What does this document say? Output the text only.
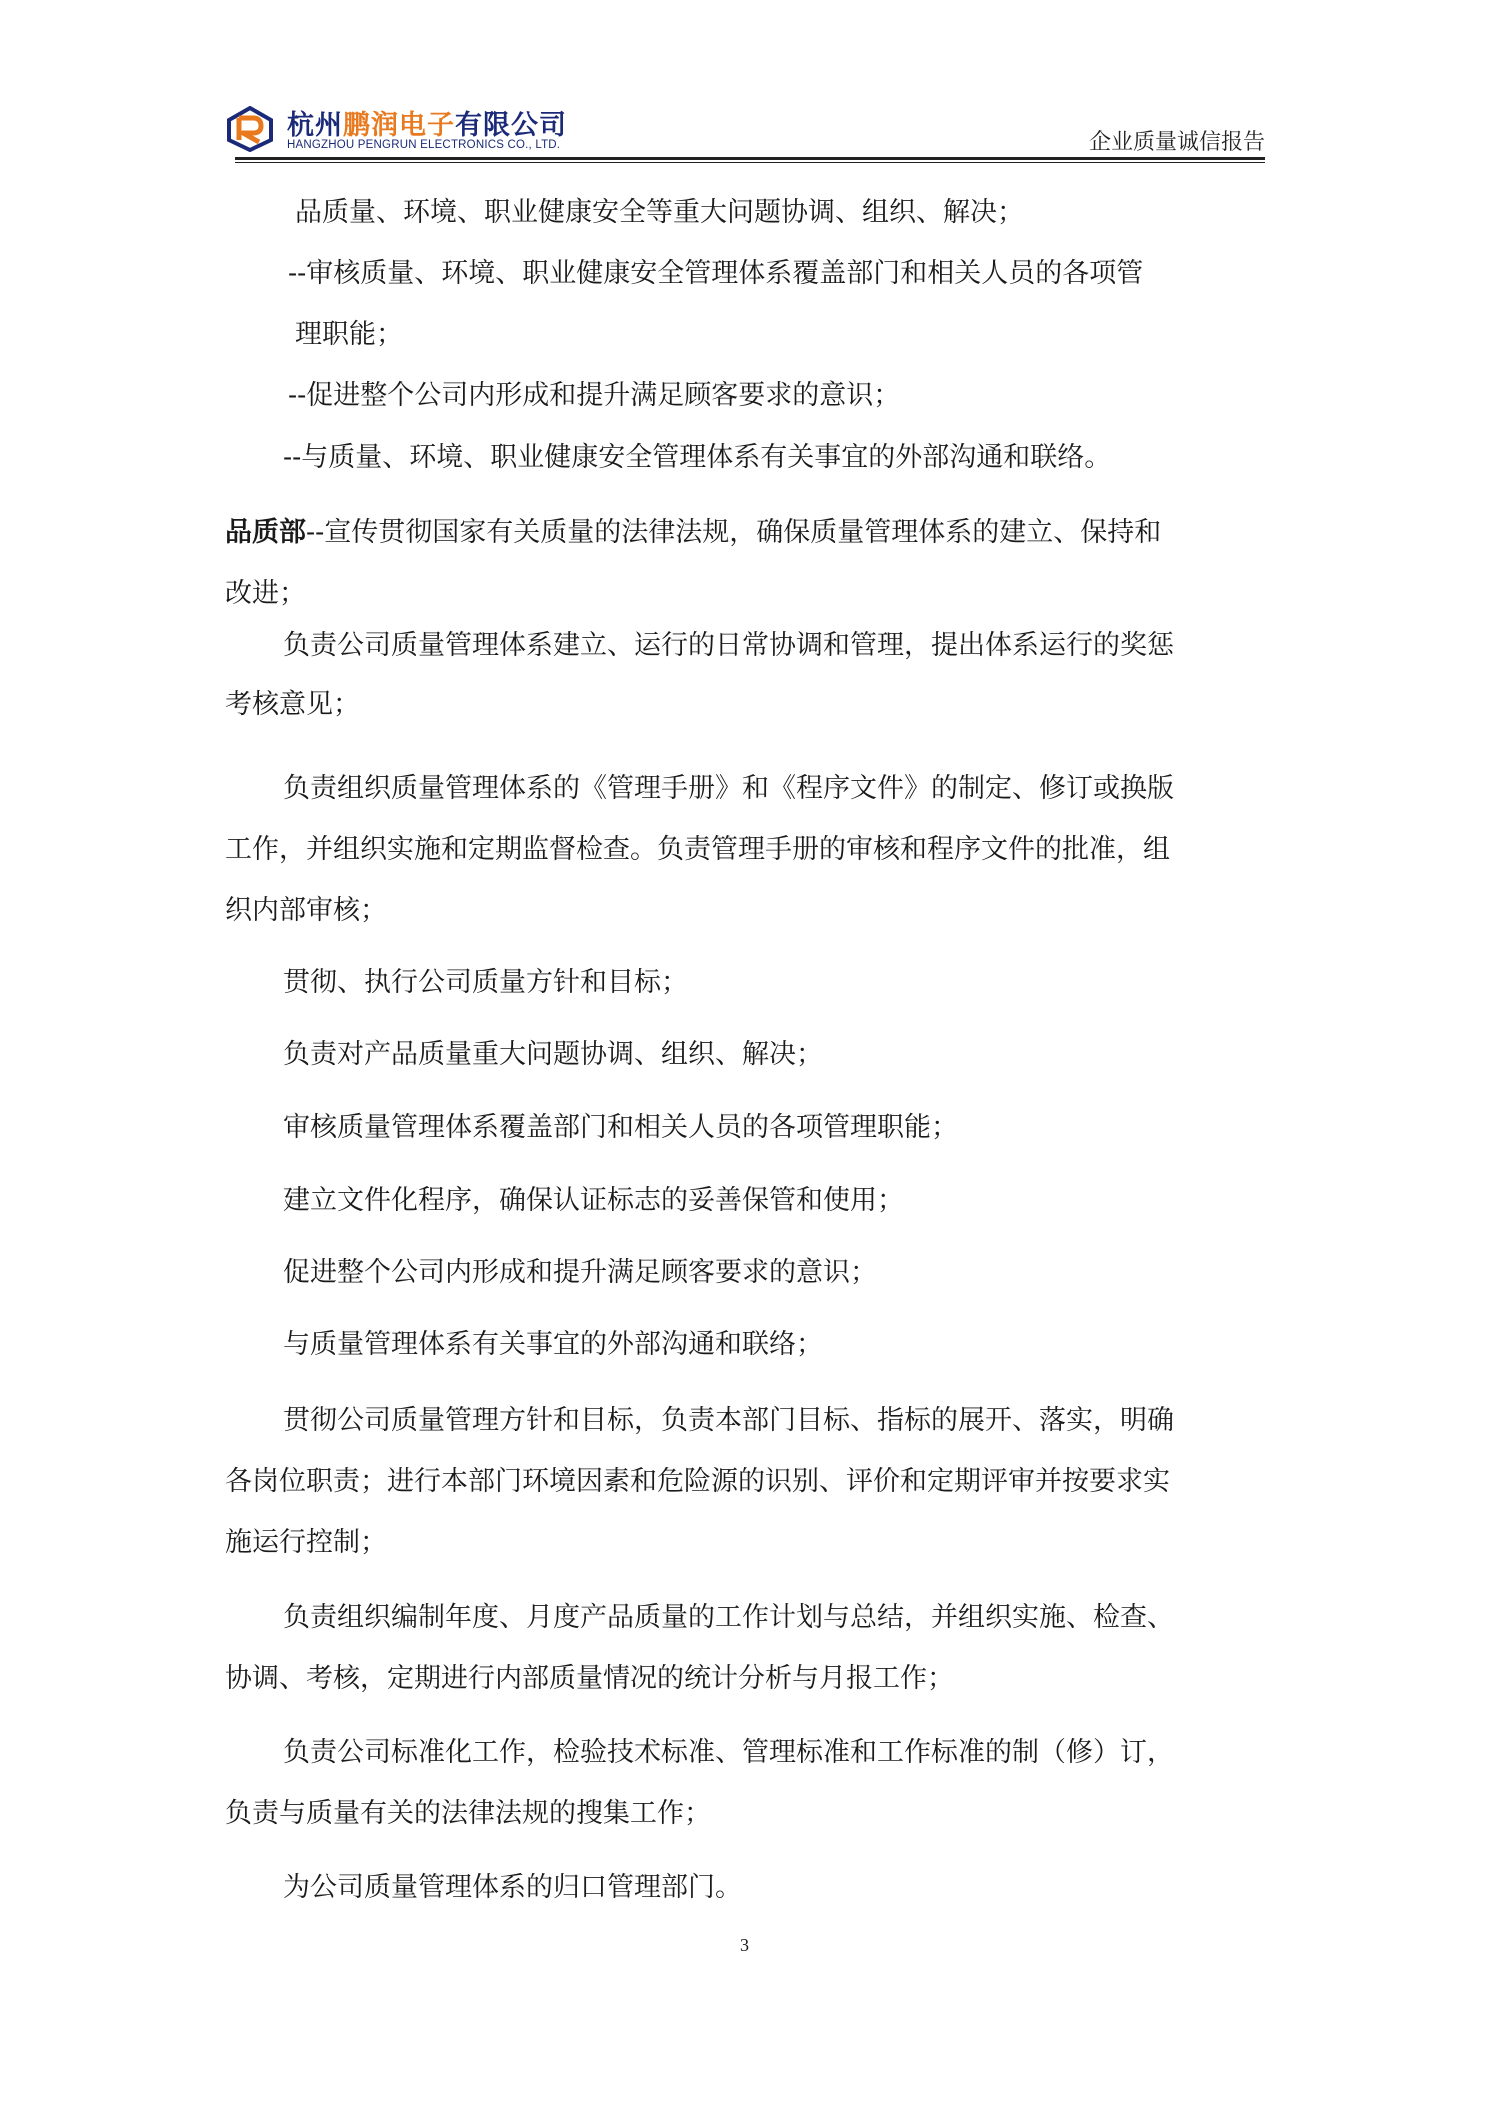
杭州鹏润电子有限公司
HANGZHOU PENGRUN ELECTRONICS CO., LTD.	企业质量诚信报告

品质量、环境、职业健康安全等重大问题协调、组织、解决；

--审核质量、环境、职业健康安全管理体系覆盖部门和相关人员的各项管

理职能；

--促进整个公司内形成和提升满足顾客要求的意识；

--与质量、环境、职业健康安全管理体系有关事宜的外部沟通和联络。

品质部--宣传贯彻国家有关质量的法律法规，确保质量管理体系的建立、保持和

改进；

负责公司质量管理体系建立、运行的日常协调和管理，提出体系运行的奖惩

考核意见；

负责组织质量管理体系的《管理手册》和《程序文件》的制定、修订或换版

工作，并组织实施和定期监督检查。负责管理手册的审核和程序文件的批准，组

织内部审核；

贯彻、执行公司质量方针和目标；

负责对产品质量重大问题协调、组织、解决；

审核质量管理体系覆盖部门和相关人员的各项管理职能；

建立文件化程序，确保认证标志的妥善保管和使用；

促进整个公司内形成和提升满足顾客要求的意识；

与质量管理体系有关事宜的外部沟通和联络；

贯彻公司质量管理方针和目标，负责本部门目标、指标的展开、落实，明确

各岗位职责；进行本部门环境因素和危险源的识别、评价和定期评审并按要求实

施运行控制；

负责组织编制年度、月度产品质量的工作计划与总结，并组织实施、检查、

协调、考核，定期进行内部质量情况的统计分析与月报工作；

负责公司标准化工作，检验技术标准、管理标准和工作标准的制（修）订，

负责与质量有关的法律法规的搜集工作；

为公司质量管理体系的归口管理部门。

3
